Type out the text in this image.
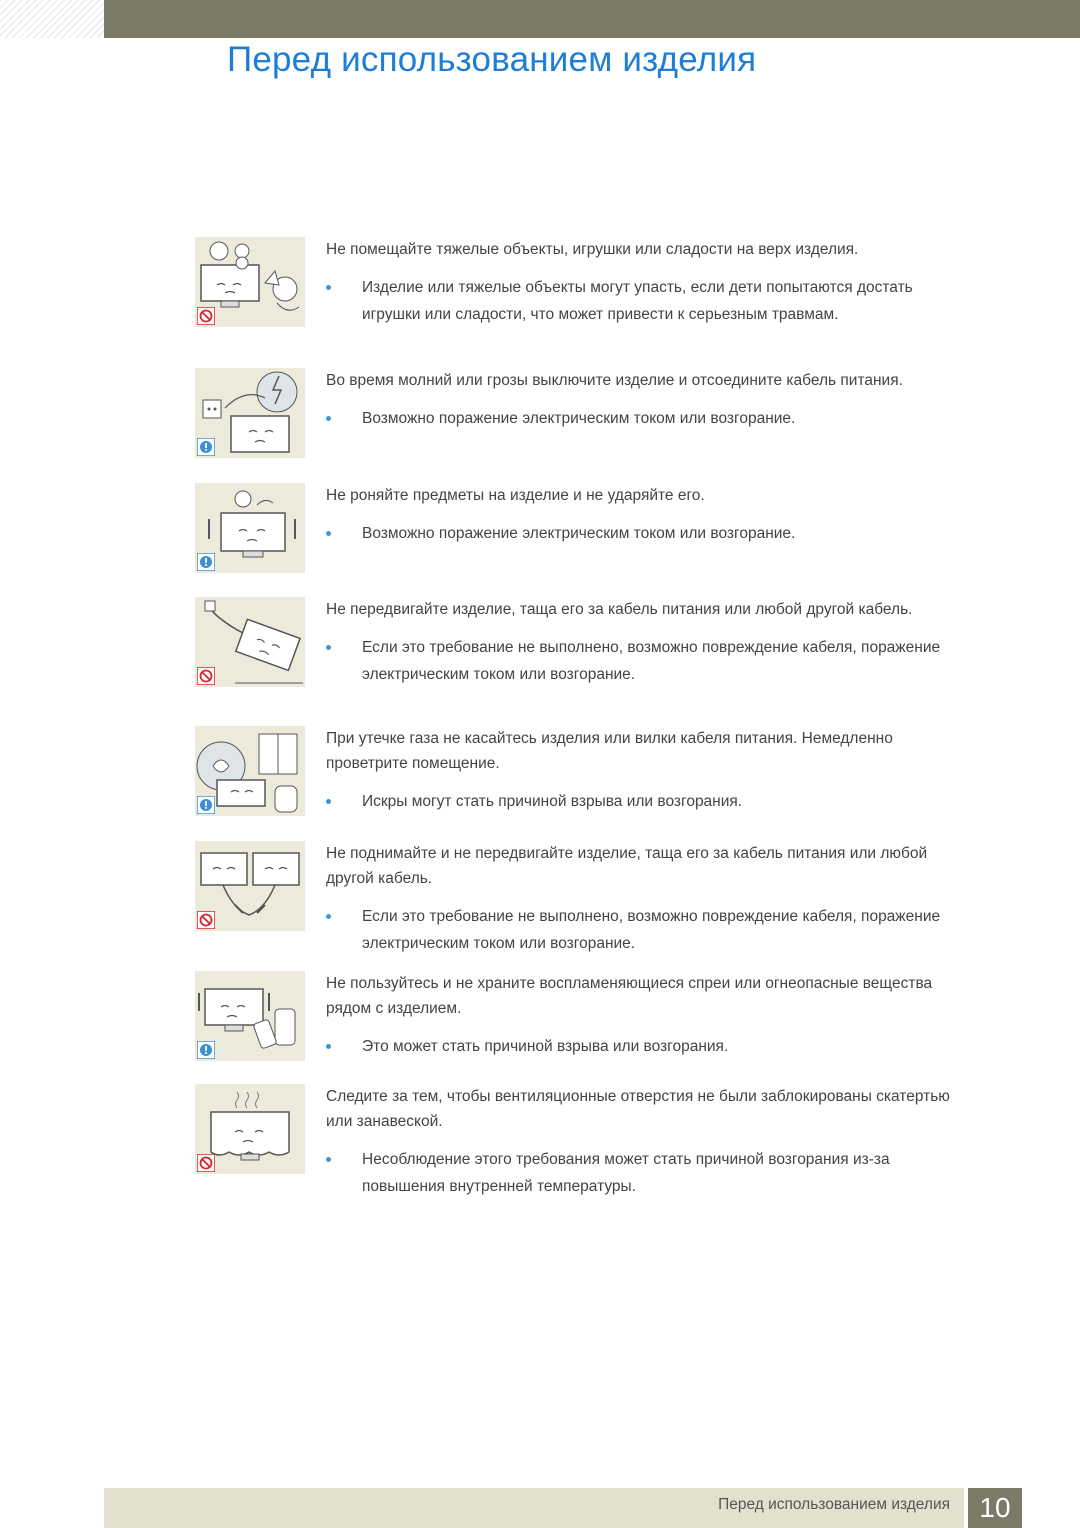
Перед использованием изделия

Не помещайте тяжелые объекты, игрушки или сладости на верх изделия.

Изделие или тяжелые объекты могут упасть, если дети попытаются достать игрушки или сладости, что может привести к серьезным травмам.

Во время молний или грозы выключите изделие и отсоедините кабель питания.

Возможно поражение электрическим током или возгорание.

Не роняйте предметы на изделие и не ударяйте его.

Возможно поражение электрическим током или возгорание.

Не передвигайте изделие, таща его за кабель питания или любой другой кабель.

Если это требование не выполнено, возможно повреждение кабеля, поражение электрическим током или возгорание.

При утечке газа не касайтесь изделия или вилки кабеля питания. Немедленно проветрите помещение.

Искры могут стать причиной взрыва или возгорания.

Не поднимайте и не передвигайте изделие, таща его за кабель питания или любой другой кабель.

Если это требование не выполнено, возможно повреждение кабеля, поражение электрическим током или возгорание.

Не пользуйтесь и не храните воспламеняющиеся спреи или огнеопасные вещества рядом с изделием.

Это может стать причиной взрыва или возгорания.

Следите за тем, чтобы вентиляционные отверстия не были заблокированы скатертью или занавеской.

Несоблюдение этого требования может стать причиной возгорания из-за повышения внутренней температуры.
Перед использованием изделия	10
